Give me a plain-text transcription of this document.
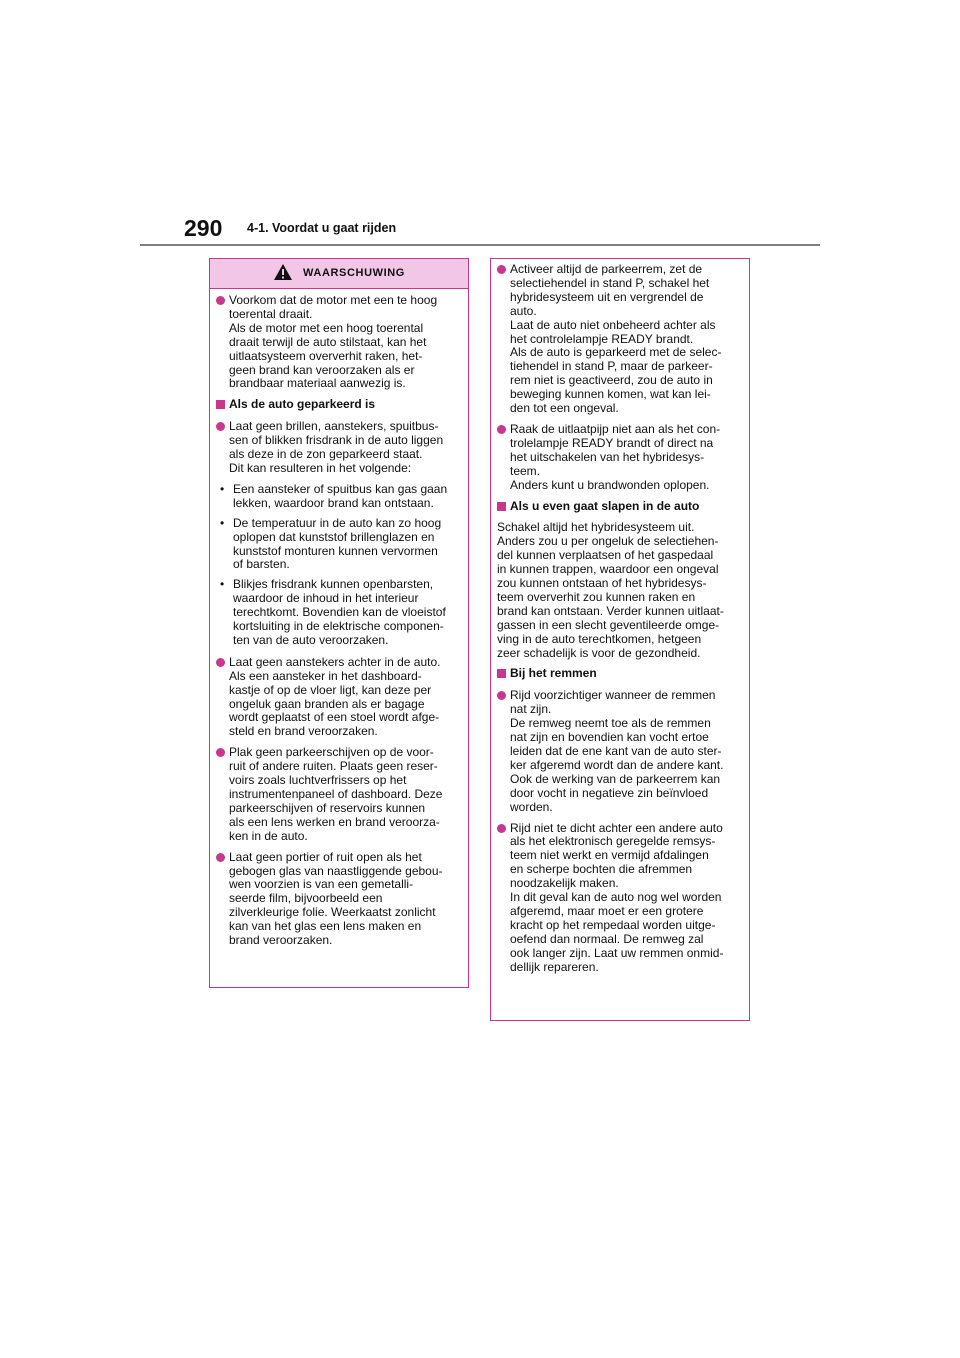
290 4-1. Voordat u gaat rijden
WAARSCHUWING
Voorkom dat de motor met een te hoog
toerental draait.
Als de motor met een hoog toerental
draait terwijl de auto stilstaat, kan het
uitlaatsysteem oververhit raken, het-
geen brand kan veroorzaken als er
brandbaar materiaal aanwezig is.
Als de auto geparkeerd is
Laat geen brillen, aanstekers, spuitbus-
sen of blikken frisdrank in de auto liggen
als deze in de zon geparkeerd staat.
Dit kan resulteren in het volgende:
• Een aansteker of spuitbus kan gas gaan
lekken, waardoor brand kan ontstaan.
• De temperatuur in de auto kan zo hoog
oplopen dat kunststof brillenglazen en
kunststof monturen kunnen vervormen
of barsten.
• Blikjes frisdrank kunnen openbarsten,
waardoor de inhoud in het interieur
terechtkomt. Bovendien kan de vloeistof
kortsluiting in de elektrische componen-
ten van de auto veroorzaken.
Laat geen aanstekers achter in de auto.
Als een aansteker in het dashboard-
kastje of op de vloer ligt, kan deze per
ongeluk gaan branden als er bagage
wordt geplaatst of een stoel wordt afge-
steld en brand veroorzaken.
Plak geen parkeerschijven op de voor-
ruit of andere ruiten. Plaats geen reser-
voirs zoals luchtverfrissers op het
instrumentenpaneel of dashboard. Deze
parkeerschijven of reservoirs kunnen
als een lens werken en brand veroorza-
ken in de auto.
Laat geen portier of ruit open als het
gebogen glas van naastliggende gebou-
wen voorzien is van een gemetalli-
seerde film, bijvoorbeeld een
zilverkleurige folie. Weerkaatst zonlicht
kan van het glas een lens maken en
brand veroorzaken.
Activeer altijd de parkeerrem, zet de
selectiehendel in stand P, schakel het
hybridesysteem uit en vergrendel de
auto.
Laat de auto niet onbeheerd achter als
het controlelampje READY brandt.
Als de auto is geparkeerd met de selec-
tiehendel in stand P, maar de parkeer-
rem niet is geactiveerd, zou de auto in
beweging kunnen komen, wat kan lei-
den tot een ongeval.
Raak de uitlaatpijp niet aan als het con-
trolelampje READY brandt of direct na
het uitschakelen van het hybridesys-
teem.
Anders kunt u brandwonden oplopen.
Als u even gaat slapen in de auto
Schakel altijd het hybridesysteem uit.
Anders zou u per ongeluk de selectiehen-
del kunnen verplaatsen of het gaspedaal
in kunnen trappen, waardoor een ongeval
zou kunnen ontstaan of het hybridesys-
teem oververhit zou kunnen raken en
brand kan ontstaan. Verder kunnen uitlaat-
gassen in een slecht geventileerde omge-
ving in de auto terechtkomen, hetgeen
zeer schadelijk is voor de gezondheid.
Bij het remmen
Rijd voorzichtiger wanneer de remmen
nat zijn.
De remweg neemt toe als de remmen
nat zijn en bovendien kan vocht ertoe
leiden dat de ene kant van de auto ster-
ker afgeremd wordt dan de andere kant.
Ook de werking van de parkeerrem kan
door vocht in negatieve zin beïnvloed
worden.
Rijd niet te dicht achter een andere auto
als het elektronisch geregelde remsys-
teem niet werkt en vermijd afdalingen
en scherpe bochten die afremmen
noodzakelijk maken.
In dit geval kan de auto nog wel worden
afgeremd, maar moet er een grotere
kracht op het rempedaal worden uitge-
oefend dan normaal. De remweg zal
ook langer zijn. Laat uw remmen onmid-
dellijk repareren.
